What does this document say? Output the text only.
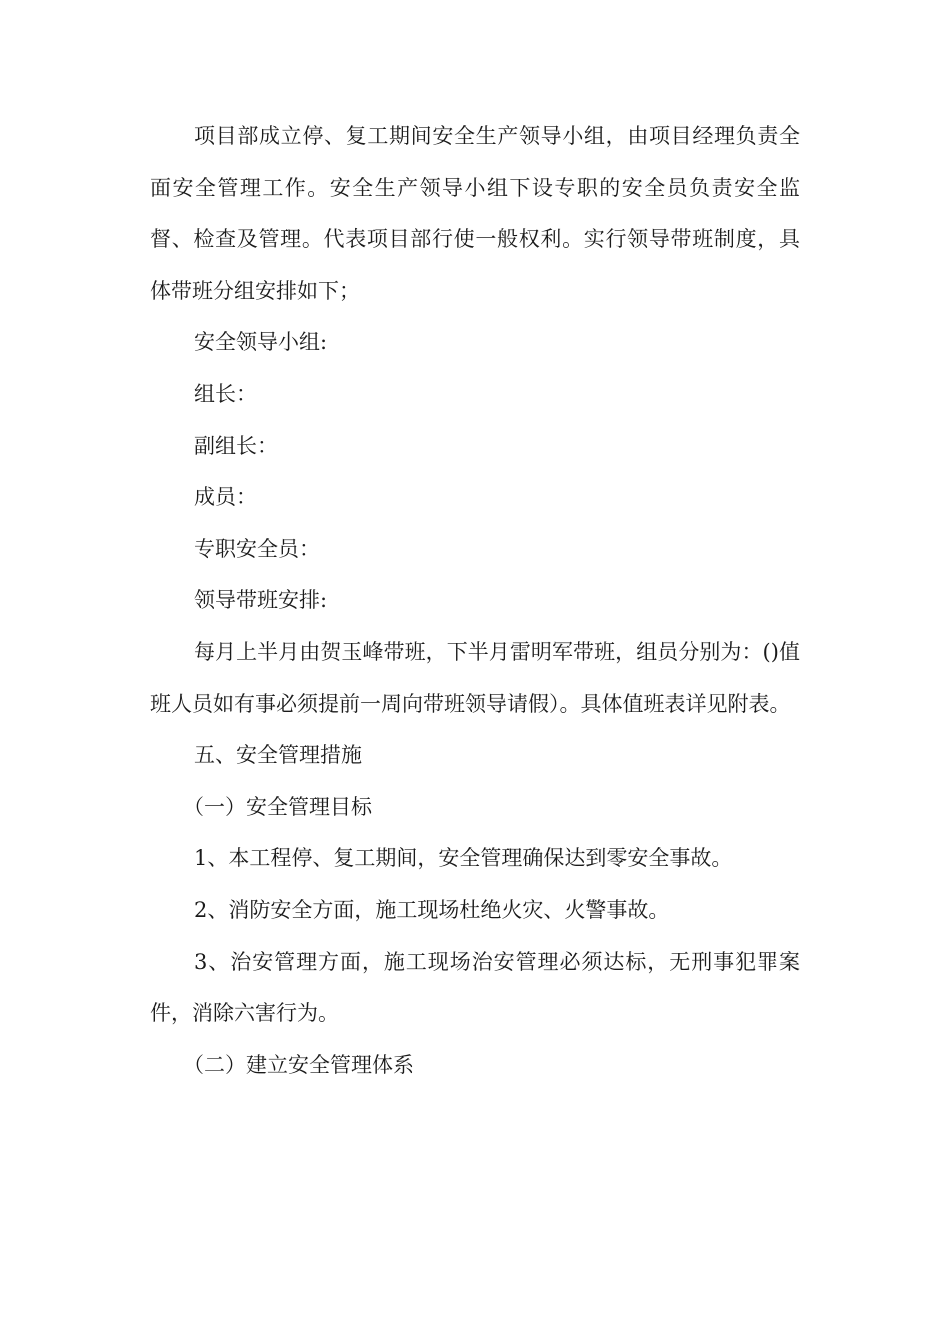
项目部成立停、复工期间安全生产领导小组，由项目经理负责全面安全管理工作。安全生产领导小组下设专职的安全员负责安全监督、检查及管理。代表项目部行使一般权利。实行领导带班制度，具体带班分组安排如下；

安全领导小组:

组长：

副组长：

成员：

专职安全员：

领导带班安排:

每月上半月由贺玉峰带班，下半月雷明军带班，组员分别为：()值班人员如有事必须提前一周向带班领导请假）。具体值班表详见附表。

五、安全管理措施

（一）安全管理目标

1、本工程停、复工期间，安全管理确保达到零安全事故。

2、消防安全方面，施工现场杜绝火灾、火警事故。

3、治安管理方面，施工现场治安管理必须达标，无刑事犯罪案件，消除六害行为。

（二）建立安全管理体系
